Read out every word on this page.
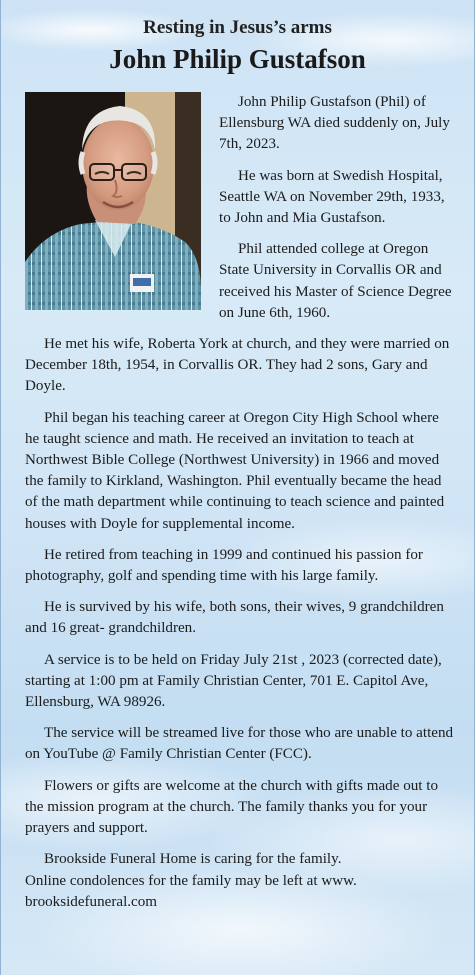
Resting in Jesus’s arms
John Philip Gustafson

John Philip Gustafson (Phil) of Ellensburg WA died suddenly on, July 7th, 2023.

He was born at Swedish Hospital, Seattle WA on November 29th, 1933, to John and Mia Gustafson.

Phil attended college at Oregon State University in Corvallis OR and received his Master of Science Degree on June 6th, 1960.

He met his wife, Roberta York at church, and they were married on December 18th, 1954, in Corvallis OR. They had 2 sons, Gary and Doyle.

Phil began his teaching career at Oregon City High School where he taught science and math. He received an invitation to teach at Northwest Bible College (Northwest University) in 1966 and moved the family to Kirkland, Washington. Phil eventually became the head of the math department while continuing to teach science and painted houses with Doyle for supplemental income.

He retired from teaching in 1999 and continued his passion for photography, golf and spending time with his large family.

He is survived by his wife, both sons, their wives, 9 grandchildren and 16 great- grandchildren.

A service is to be held on Friday July 21st , 2023 (corrected date), starting at 1:00 pm at Family Christian Center, 701 E. Capitol Ave, Ellensburg, WA 98926.

The service will be streamed live for those who are unable to attend on YouTube @ Family Christian Center (FCC).

Flowers or gifts are welcome at the church with gifts made out to the mission program at the church. The family thanks you for your prayers and support.

Brookside Funeral Home is caring for the family.
Online condolences for the family may be left at www. brooksidefuneral.com
